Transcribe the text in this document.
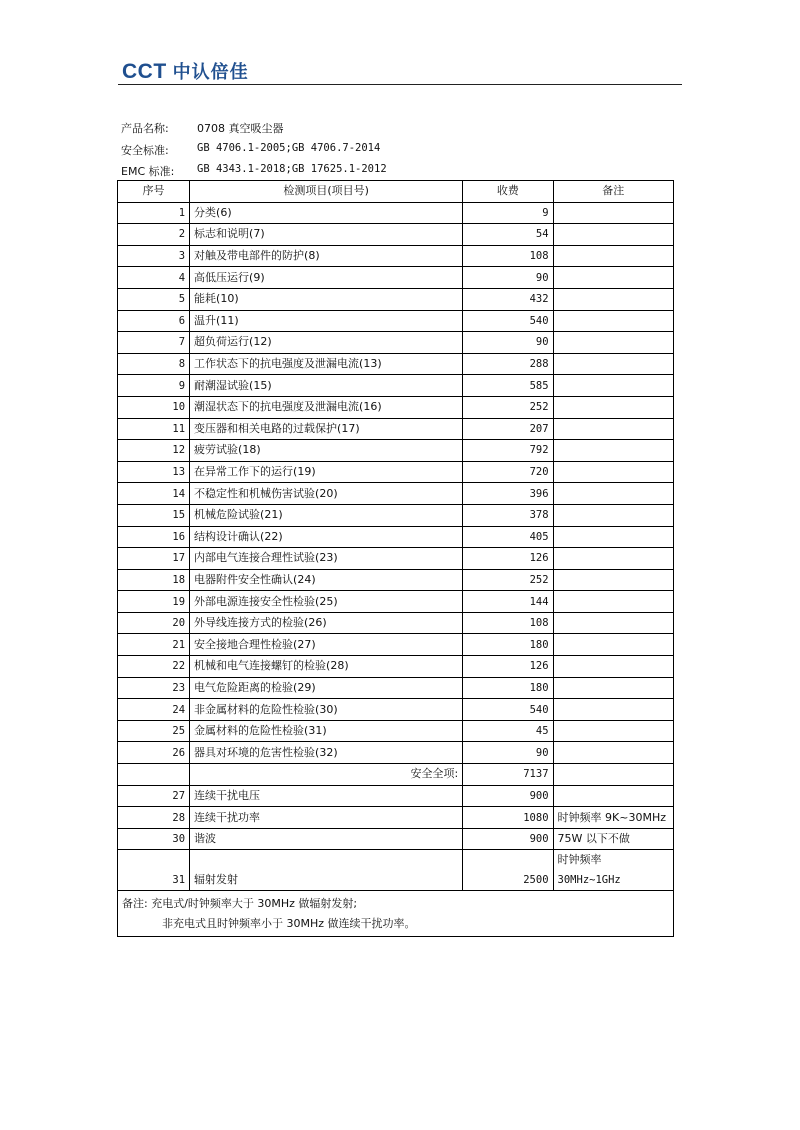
CCT 中认倍佳
产品名称:	0708 真空吸尘器
安全标准:	GB 4706.1-2005;GB 4706.7-2014
EMC 标准:	GB 4343.1-2018;GB 17625.1-2012
序号	检测项目(项目号)	收费	备注
1	分类(6)	9	
2	标志和说明(7)	54	
3	对触及带电部件的防护(8)	108	
4	高低压运行(9)	90	
5	能耗(10)	432	
6	温升(11)	540	
7	超负荷运行(12)	90	
8	工作状态下的抗电强度及泄漏电流(13)	288	
9	耐潮湿试验(15)	585	
10	潮湿状态下的抗电强度及泄漏电流(16)	252	
11	变压器和相关电路的过载保护(17)	207	
12	疲劳试验(18)	792	
13	在异常工作下的运行(19)	720	
14	不稳定性和机械伤害试验(20)	396	
15	机械危险试验(21)	378	
16	结构设计确认(22)	405	
17	内部电气连接合理性试验(23)	126	
18	电器附件安全性确认(24)	252	
19	外部电源连接安全性检验(25)	144	
20	外导线连接方式的检验(26)	108	
21	安全接地合理性检验(27)	180	
22	机械和电气连接螺钉的检验(28)	126	
23	电气危险距离的检验(29)	180	
24	非金属材料的危险性检验(30)	540	
25	金属材料的危险性检验(31)	45	
26	器具对环境的危害性检验(32)	90	
	安全全项:	7137	
27	连续干扰电压	900	
28	连续干扰功率	1080	时钟频率 9K~30MHz
30	谐波	900	75W 以下不做
31	辐射发射	2500	时钟频率
30MHz~1GHz

备注: 充电式/时钟频率大于 30MHz 做辐射发射;
非充电式且时钟频率小于 30MHz 做连续干扰功率。			
